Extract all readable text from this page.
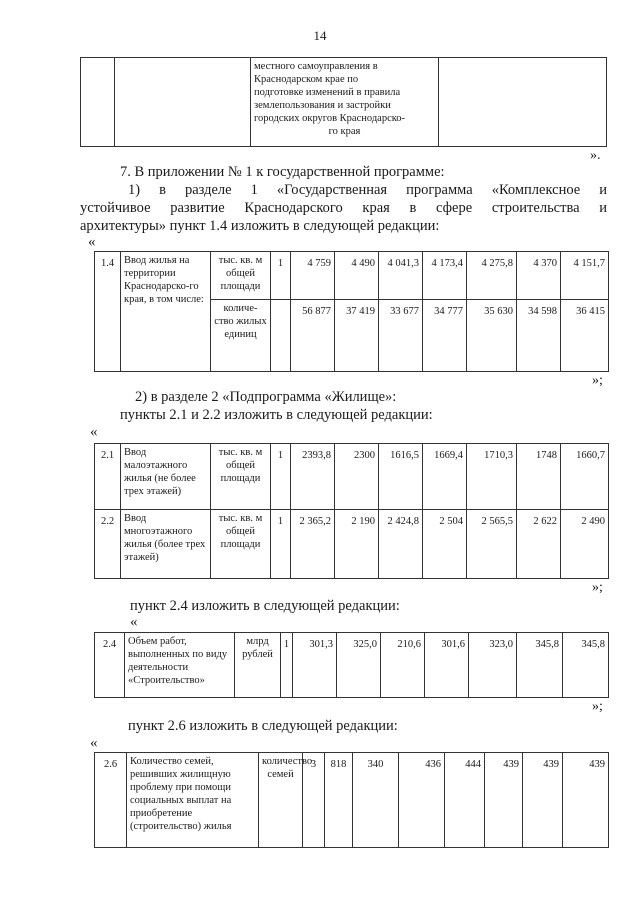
14

местного самоуправления в
Краснодарском крае по
подготовке изменений в правила
землепользования и застройки
городских округов Краснодарско-
го края

».
7. В приложении № 1 к государственной программе:
1) в разделе 1 «Государственная программа «Комплексное и
устойчивое развитие Краснодарского края в сфере строительства и
архитектуры» пункт 1.4 изложить в следующей редакции:
«
1.4	Ввод жилья на территории Краснодарско-го края, в том числе:	тыс. кв. м общей площади	1	4 759	4 490	4 041,3	4 173,4	4 275,8	4 370	4 151,7
		количе-ство жилых единиц		56 877	37 419	33 677	34 777	35 630	34 598	36 415
»;
2) в разделе 2 «Подпрограмма «Жилище»:
пункты 2.1 и 2.2 изложить в следующей редакции:
«
2.1	Ввод малоэтажного жилья (не более трех этажей)	тыс. кв. м общей площади	1	2393,8	2300	1616,5	1669,4	1710,3	1748	1660,7
2.2	Ввод многоэтажного жилья (более трех этажей)	тыс. кв. м общей площади	1	2 365,2	2 190	2 424,8	2 504	2 565,5	2 622	2 490
»;
пункт 2.4 изложить в следующей редакции:
«
2.4	Объем работ, выполненных по виду деятельности «Строительство»	млрд рублей	1	301,3	325,0	210,6	301,6	323,0	345,8	345,8
»;
пункт 2.6 изложить в следующей редакции:
«
2.6	Количество семей, решивших жилищную проблему при помощи социальных выплат на приобретение (строительство) жилья	количество семей	3	818	340	436	444	439	439	439
